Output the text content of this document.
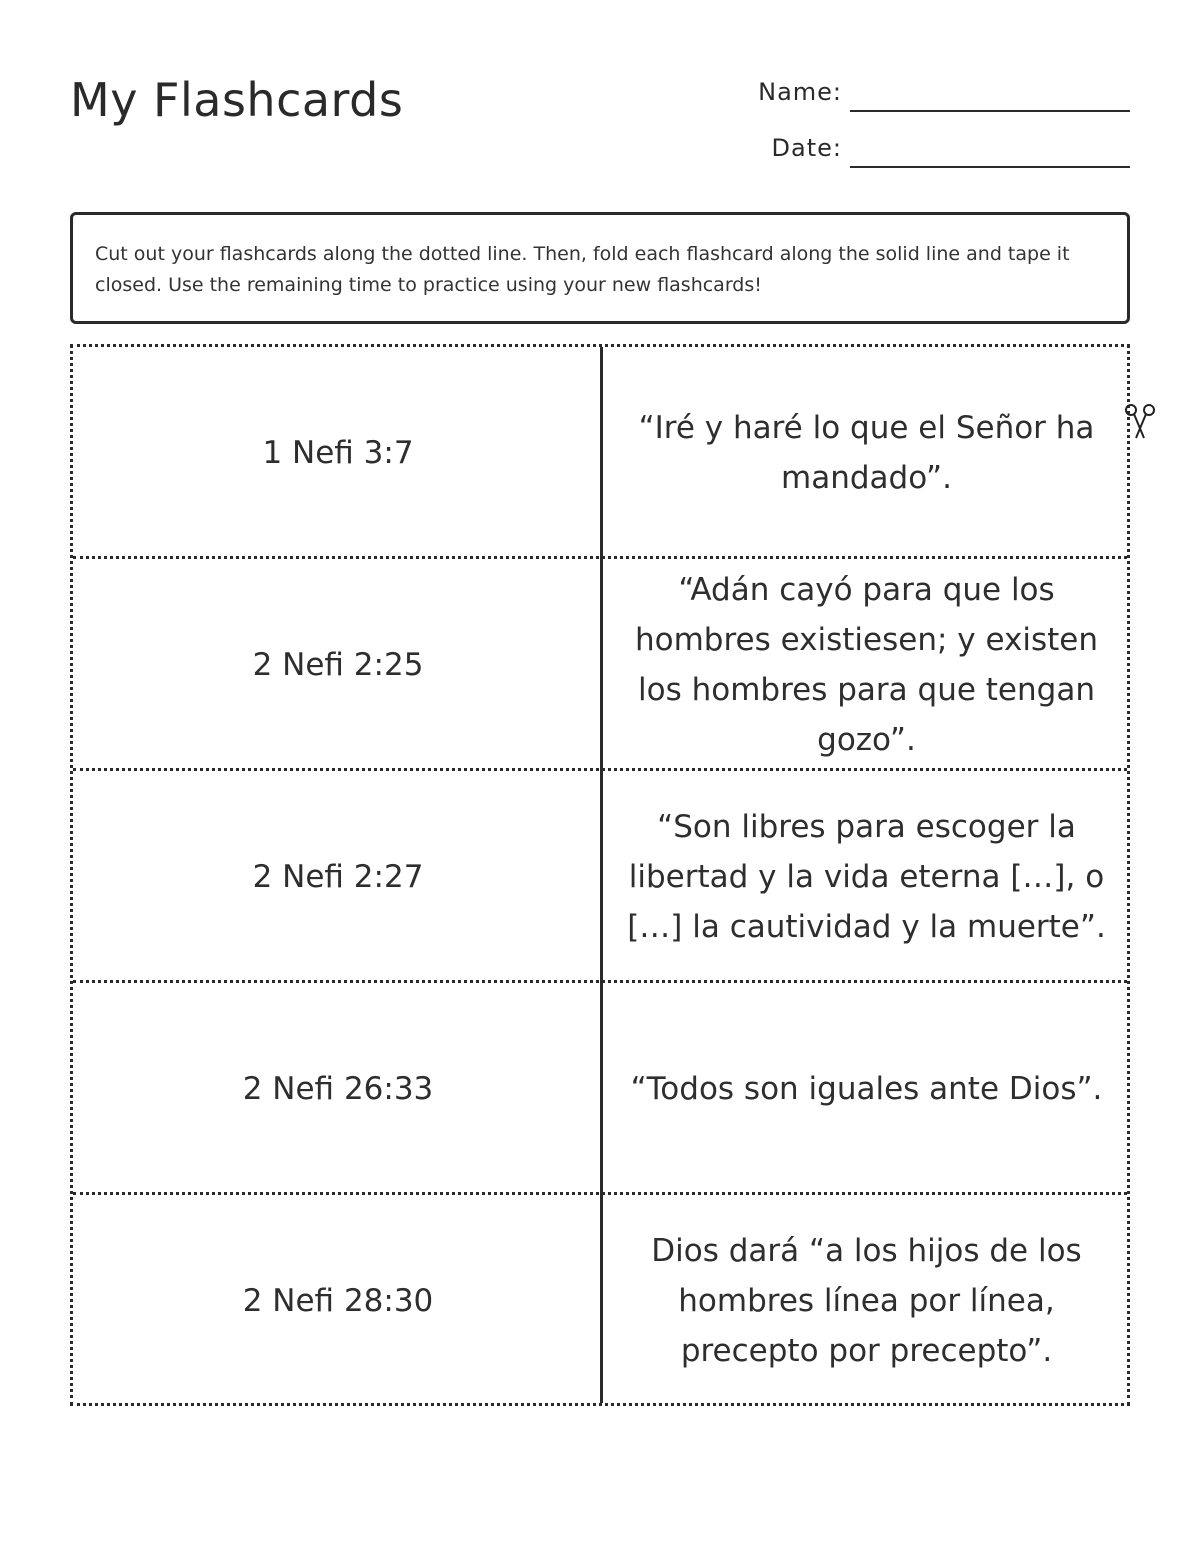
My Flashcards	Name:
Date:
Cut out your flashcards along the dotted line. Then, fold each flashcard along the solid line and tape it closed. Use the remaining time to practice using your new flashcards!
1 Nefi 3:7
“Iré y haré lo que el Señor ha mandado”.
2 Nefi 2:25
“Adán cayó para que los hombres existiesen; y existen los hombres para que tengan gozo”.
2 Nefi 2:27
“Son libres para escoger la libertad y la vida eterna […], o […] la cautividad y la muerte”.
2 Nefi 26:33	“Todos son iguales ante Dios”.
2 Nefi 28:30
Dios dará “a los hijos de los hombres línea por línea, precepto por precepto”.
